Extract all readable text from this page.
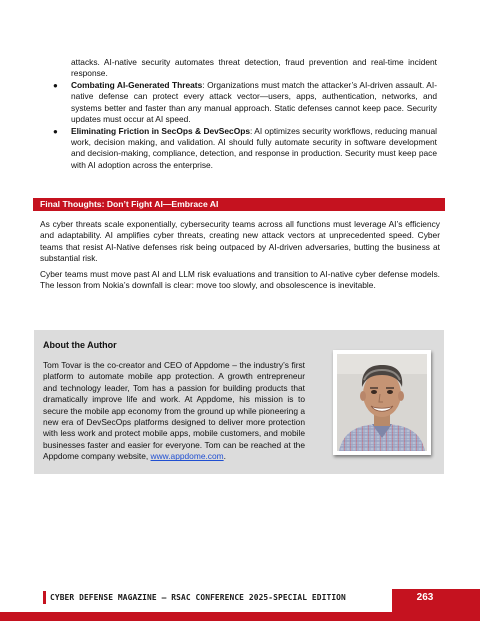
attacks. AI-native security automates threat detection, fraud prevention and real-time incident response.

● Combating AI-Generated Threats: Organizations must match the attacker’s AI-driven assault. AI-native defense can protect every attack vector—users, apps, authentication, networks, and systems better and faster than any manual approach. Static defenses cannot keep pace. Security updates must occur at AI speed.
● Eliminating Friction in SecOps & DevSecOps: AI optimizes security workflows, reducing manual work, decision making, and validation. AI should fully automate security in software development and decision-making, compliance, detection, and response in production. Security must keep pace with AI adoption across the enterprise.
Final Thoughts: Don’t Fight AI—Embrace AI

As cyber threats scale exponentially, cybersecurity teams across all functions must leverage AI’s efficiency and adaptability. AI amplifies cyber threats, creating new attack vectors at unprecedented speed. Cyber teams that resist AI-Native defenses risk being outpaced by AI-driven adversaries, butting the business at substantial risk.

Cyber teams must move past AI and LLM risk evaluations and transition to AI-native cyber defense models. The lesson from Nokia’s downfall is clear: move too slowly, and obsolescence is inevitable.

About the Author

Tom Tovar is the co-creator and CEO of Appdome – the industry’s first platform to automate mobile app protection. A growth entrepreneur and technology leader, Tom has a passion for building products that dramatically improve life and work. At Appdome, his mission is to secure the mobile app economy from the ground up while pioneering a new era of DevSecOps platforms designed to deliver more protection with less work and protect mobile apps, mobile customers, and mobile businesses faster and easier for everyone. Tom can be reached at the Appdome company website, www.appdome.com.

CYBER DEFENSE MAGAZINE – RSAC CONFERENCE 2025-SPECIAL EDITION	263
